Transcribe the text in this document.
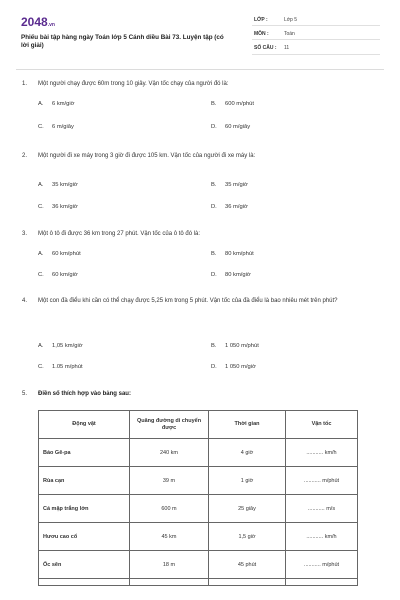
2048.vn
Phiếu bài tập hàng ngày Toán lớp 5 Cánh diều Bài 73. Luyện tập (có lời giải)
LỚP :	Lớp 5
MÔN :	Toán
SỐ CÂU : 11
1. Một người chạy được 60m trong 10 giây. Vận tốc chạy của người đó là:
A. 6 km/giờ	B. 600 m/phút
C. 6 m/giây	D. 60 m/giây
2. Một người đi xe máy trong 3 giờ đi được 105 km. Vận tốc của người đi xe máy là:
A. 35 km/giờ	B. 35 m/giờ
C. 36 km/giờ	D. 36 m/giờ
3. Một ô tô đi được 36 km trong 27 phút. Vận tốc của ô tô đó là:
A. 60 km/phút	B. 80 km/phút
C. 60 km/giờ	D. 80 km/giờ
4. Một con đà điểu khi cần có thể chạy được 5,25 km trong 5 phút. Vận tốc của đà điểu là bao nhiêu mét trên phút?
A. 1,05 km/giờ	B. 1 050 m/phút
C. 1.05 m/phút	D. 1 050 m/giờ
5. Điền số thích hợp vào bảng sau:
Động vật	Quãng đường di chuyển được	Thời gian	Vận tốc
Báo Gê-pa	240 km	4 giờ	........... km/h
Rùa cạn	39 m	1 giờ	........... m/phút
Cá mập trắng lớn	600 m	25 giây	........... m/s
Hươu cao cổ	45 km	1,5 giờ	........... km/h
Ốc sên	18 m	45 phút	........... m/phút
